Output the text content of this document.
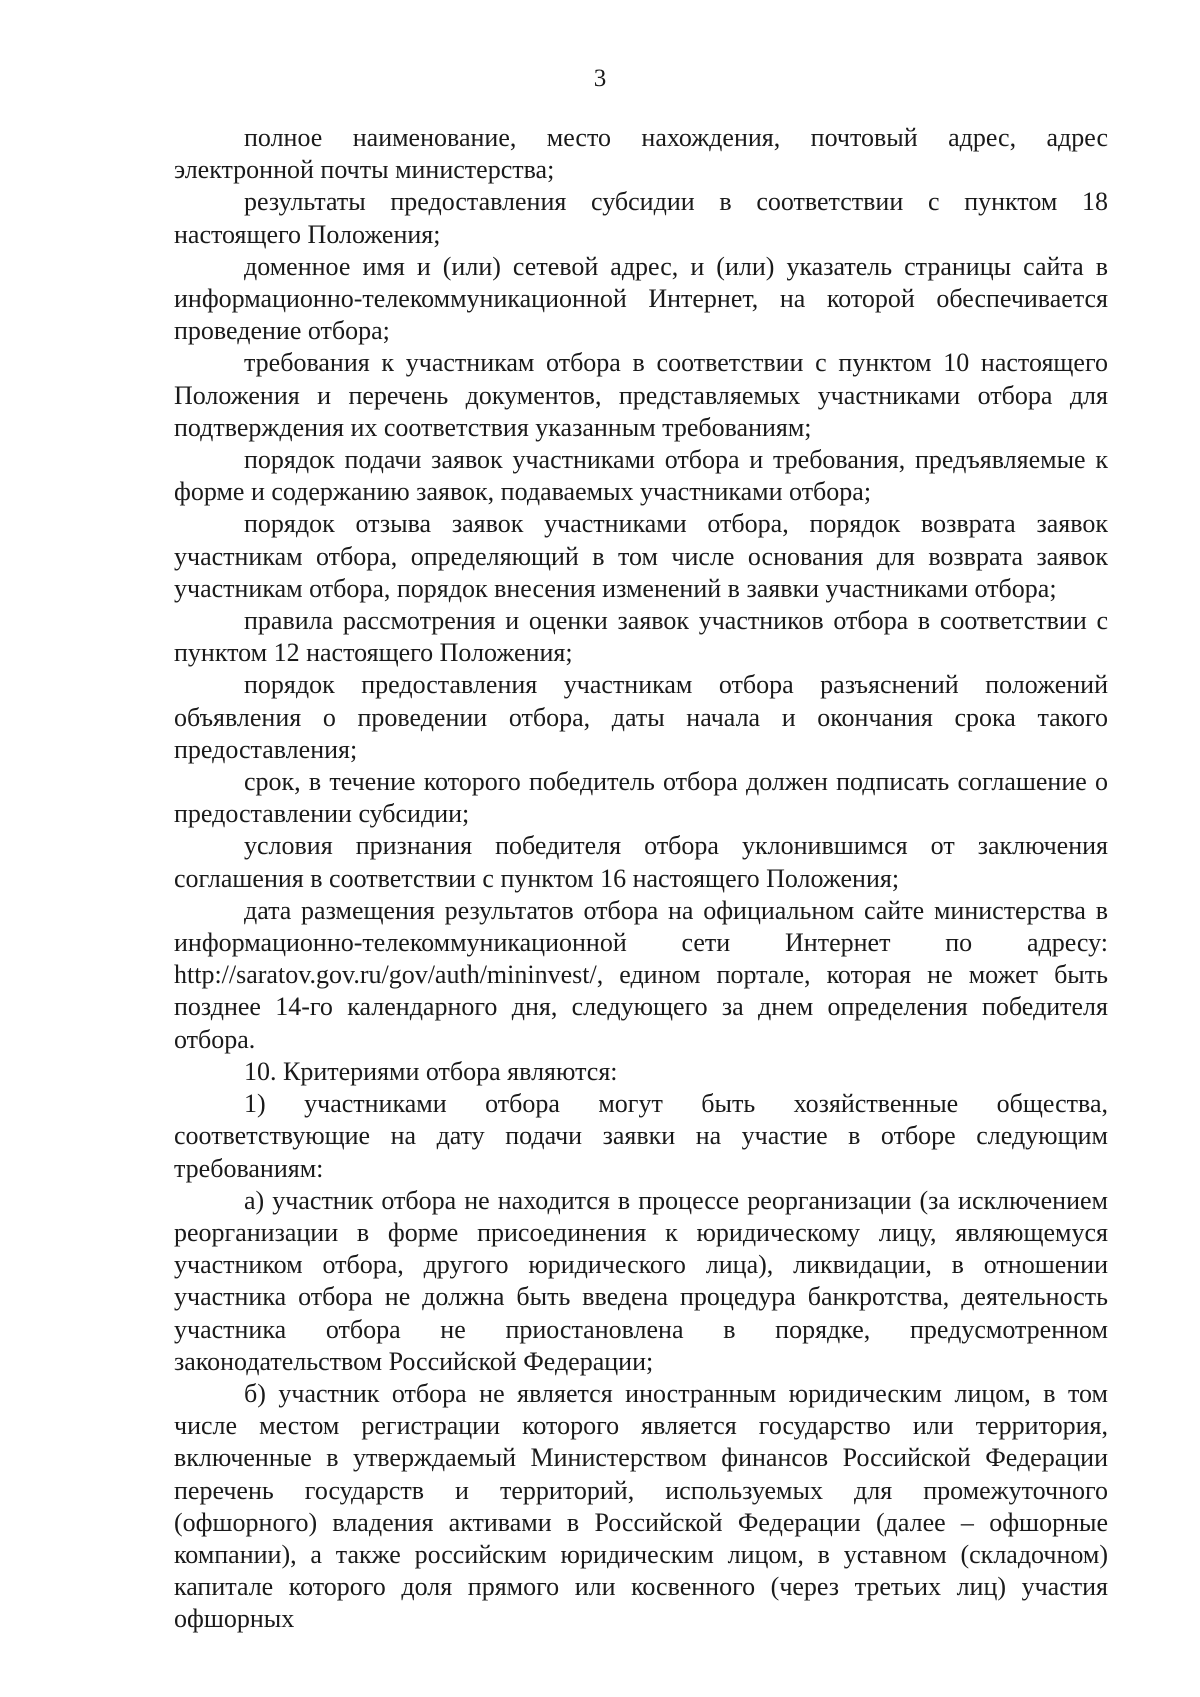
3

полное наименование, место нахождения, почтовый адрес, адрес электронной почты министерства;

результаты предоставления субсидии в соответствии с пунктом 18 настоящего Положения;

доменное имя и (или) сетевой адрес, и (или) указатель страницы сайта в информационно-телекоммуникационной Интернет, на которой обеспечивается проведение отбора;

требования к участникам отбора в соответствии с пунктом 10 настоящего Положения и перечень документов, представляемых участниками отбора для подтверждения их соответствия указанным требованиям;

порядок подачи заявок участниками отбора и требования, предъявляемые к форме и содержанию заявок, подаваемых участниками отбора;

порядок отзыва заявок участниками отбора, порядок возврата заявок участникам отбора, определяющий в том числе основания для возврата заявок участникам отбора, порядок внесения изменений в заявки участниками отбора;

правила рассмотрения и оценки заявок участников отбора в соответствии с пунктом 12 настоящего Положения;

порядок предоставления участникам отбора разъяснений положений объявления о проведении отбора, даты начала и окончания срока такого предоставления;

срок, в течение которого победитель отбора должен подписать соглашение о предоставлении субсидии;

условия признания победителя отбора уклонившимся от заключения соглашения в соответствии с пунктом 16 настоящего Положения;

дата размещения результатов отбора на официальном сайте министерства в информационно-телекоммуникационной сети Интернет по адресу: http://saratov.gov.ru/gov/auth/mininvest/, едином портале, которая не может быть позднее 14-го календарного дня, следующего за днем определения победителя отбора.

10. Критериями отбора являются:

1) участниками отбора могут быть хозяйственные общества, соответствующие на дату подачи заявки на участие в отборе следующим требованиям:

а) участник отбора не находится в процессе реорганизации (за исключением реорганизации в форме присоединения к юридическому лицу, являющемуся участником отбора, другого юридического лица), ликвидации, в отношении участника отбора не должна быть введена процедура банкротства, деятельность участника отбора не приостановлена в порядке, предусмотренном законодательством Российской Федерации;

б) участник отбора не является иностранным юридическим лицом, в том числе местом регистрации которого является государство или территория, включенные в утверждаемый Министерством финансов Российской Федерации перечень государств и территорий, используемых для промежуточного (офшорного) владения активами в Российской Федерации (далее – офшорные компании), а также российским юридическим лицом, в уставном (складочном) капитале которого доля прямого или косвенного (через третьих лиц) участия офшорных
